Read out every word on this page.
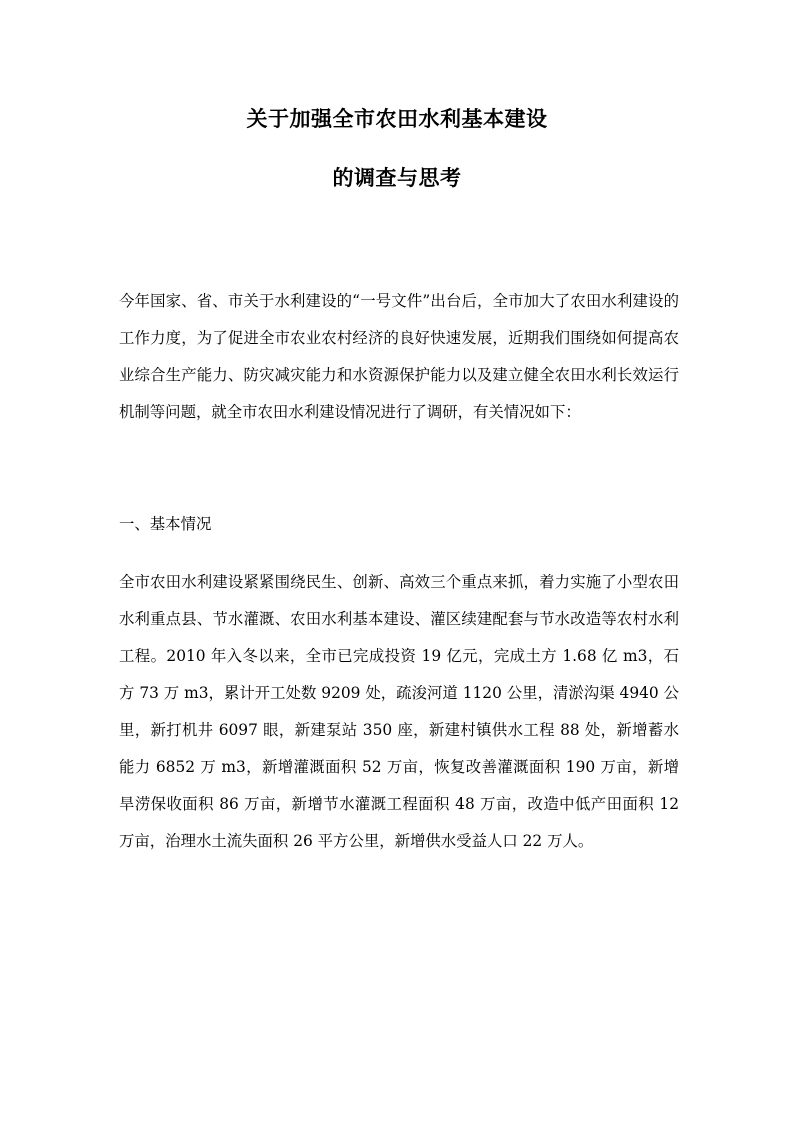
关于加强全市农田水利基本建设
的调查与思考

今年国家、省、市关于水利建设的“一号文件”出台后，全市加大了农田水利建设的工作力度，为了促进全市农业农村经济的良好快速发展，近期我们围绕如何提高农业综合生产能力、防灾减灾能力和水资源保护能力以及建立健全农田水利长效运行机制等问题，就全市农田水利建设情况进行了调研，有关情况如下：

一、基本情况

全市农田水利建设紧紧围绕民生、创新、高效三个重点来抓，着力实施了小型农田水利重点县、节水灌溉、农田水利基本建设、灌区续建配套与节水改造等农村水利工程。2010 年入冬以来，全市已完成投资 19 亿元，完成土方 1.68 亿 m3，石方 73 万 m3，累计开工处数 9209 处，疏浚河道 1120 公里，清淤沟渠 4940 公里，新打机井 6097 眼，新建泵站 350 座，新建村镇供水工程 88 处，新增蓄水能力 6852 万 m3，新增灌溉面积 52 万亩，恢复改善灌溉面积 190 万亩，新增旱涝保收面积 86 万亩，新增节水灌溉工程面积 48 万亩，改造中低产田面积 12 万亩，治理水土流失面积 26 平方公里，新增供水受益人口 22 万人。
